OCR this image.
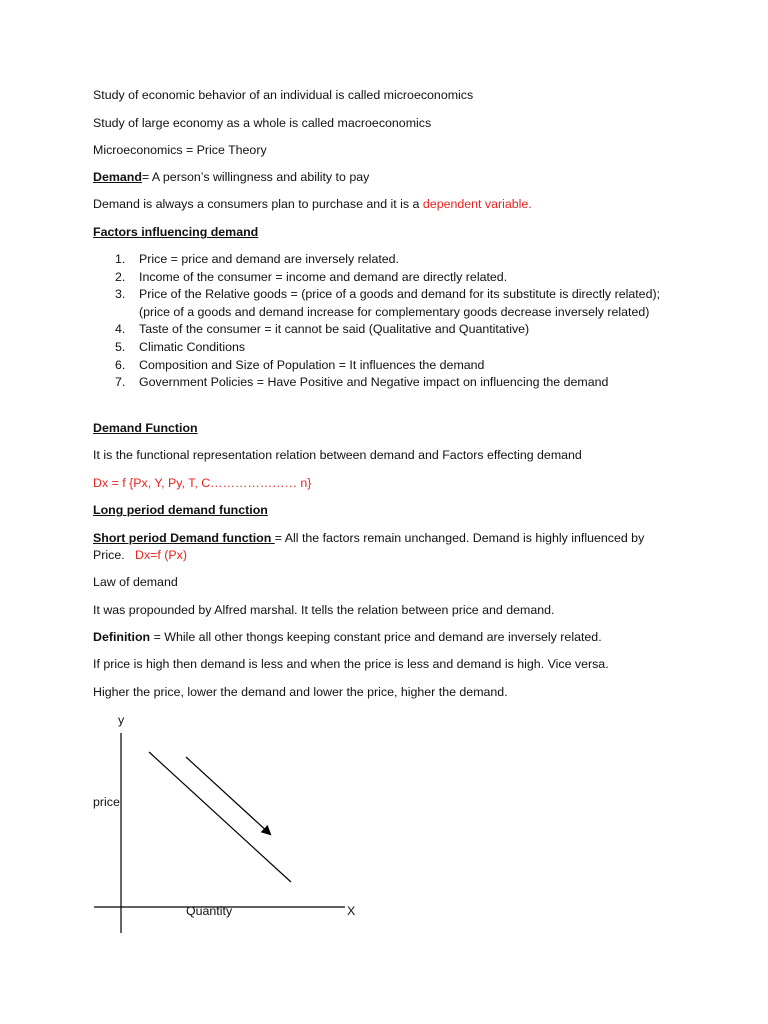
Study of economic behavior of an individual is called microeconomics

Study of large economy as a whole is called macroeconomics

Microeconomics = Price Theory

Demand= A person’s willingness and ability to pay

Demand is always a consumers plan to purchase and it is a dependent variable.

Factors influencing demand

1. Price = price and demand are inversely related.
2. Income of the consumer = income and demand are directly related.
3. Price of the Relative goods = (price of a goods and demand for its substitute is directly related); (price of a goods and demand increase for complementary goods decrease inversely related)
4. Taste of the consumer = it cannot be said (Qualitative and Quantitative)
5. Climatic Conditions
6. Composition and Size of Population = It influences the demand
7. Government Policies = Have Positive and Negative impact on influencing the demand

Demand Function

It is the functional representation relation between demand and Factors effecting demand

Dx = f {Px, Y, Py, T, C………………… n}

Long period demand function

Short period Demand function = All the factors remain unchanged. Demand is highly influenced by Price. Dx=f (Px)

Law of demand

It was propounded by Alfred marshal. It tells the relation between price and demand.

Definition = While all other thongs keeping constant price and demand are inversely related.

If price is high then demand is less and when the price is less and demand is high. Vice versa.

Higher the price, lower the demand and lower the price, higher the demand.

y
price
Quantity	X
